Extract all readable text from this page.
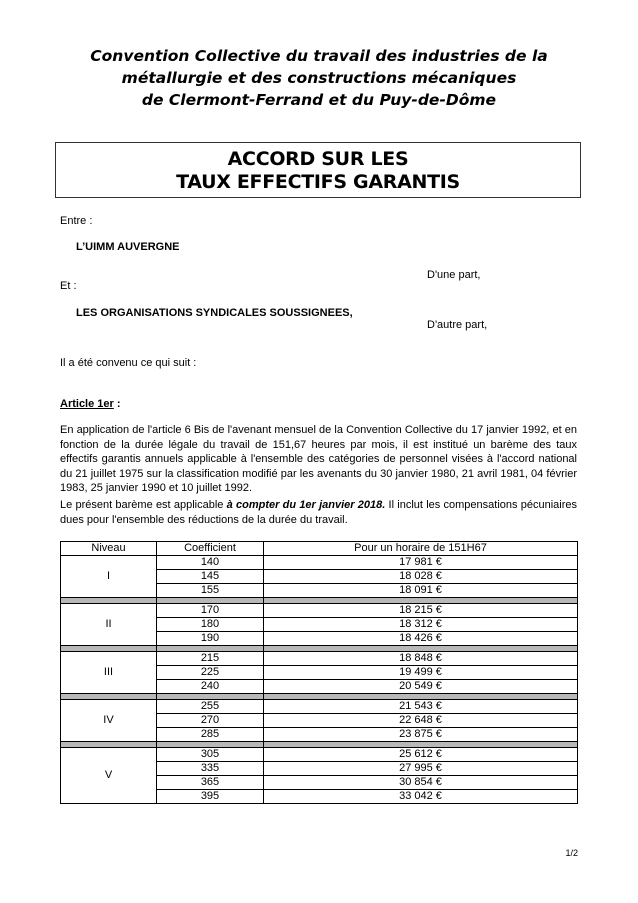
Convention Collective du travail des industries de la
métallurgie et des constructions mécaniques
de Clermont-Ferrand et du Puy-de-Dôme
ACCORD SUR LES
TAUX EFFECTIFS GARANTIS
Entre :
L’UIMM AUVERGNE
D'une part,
Et :
LES ORGANISATIONS SYNDICALES SOUSSIGNEES,
D'autre part,
Il a été convenu ce qui suit :
Article 1er :
En application de l'article 6 Bis de l'avenant mensuel de la Convention Collective du 17 janvier 1992, et en fonction de la durée légale du travail de 151,67 heures par mois, il est institué un barème des taux effectifs garantis annuels applicable à l'ensemble des catégories de personnel visées à l'accord national du 21 juillet 1975 sur la classification modifié par les avenants du 30 janvier 1980, 21 avril 1981, 04 février 1983, 25 janvier 1990 et 10 juillet 1992.
Le présent barème est applicable à compter du 1er janvier 2018. Il inclut les compensations pécuniaires dues pour l'ensemble des réductions de la durée du travail.
Niveau	Coefficient	Pour un horaire de 151H67
I	140	17 981 €
	145	18 028 €
	155	18 091 €

II	170	18 215 €
	180	18 312 €
	190	18 426 €

III	215	18 848 €
	225	19 499 €
	240	20 549 €

IV	255	21 543 €
	270	22 648 €
	285	23 875 €

V	305	25 612 €
	335	27 995 €
	365	30 854 €
	395	33 042 €
1/2
